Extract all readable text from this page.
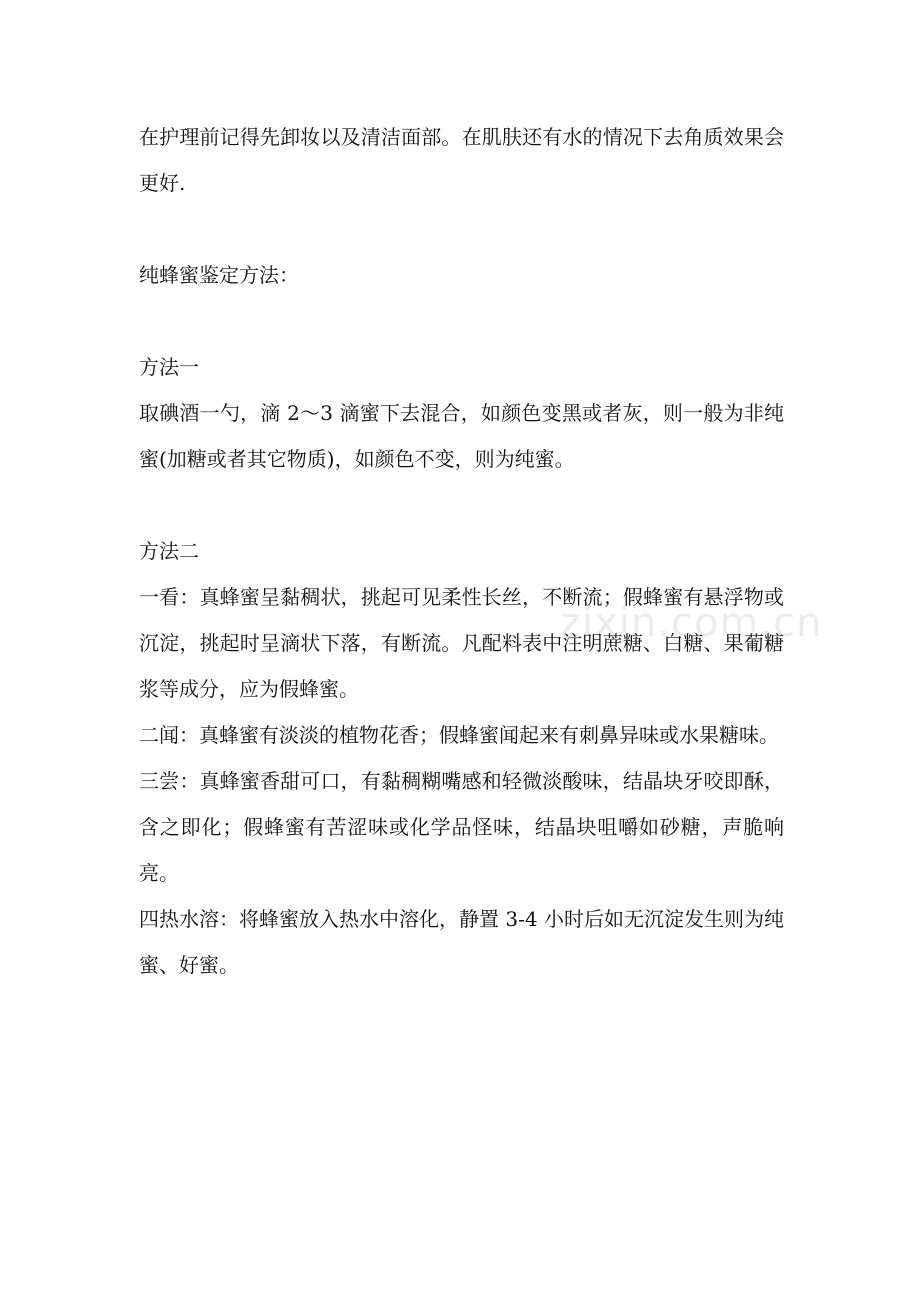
zixin.com.cn

在护理前记得先卸妆以及清洁面部。在肌肤还有水的情况下去角质效果会更好.

纯蜂蜜鉴定方法：

方法一

取碘酒一勺，滴 2～3 滴蜜下去混合，如颜色变黑或者灰，则一般为非纯蜜(加糖或者其它物质)，如颜色不变，则为纯蜜。

方法二

一看：真蜂蜜呈黏稠状，挑起可见柔性长丝，不断流；假蜂蜜有悬浮物或沉淀，挑起时呈滴状下落，有断流。凡配料表中注明蔗糖、白糖、果葡糖浆等成分，应为假蜂蜜。

二闻：真蜂蜜有淡淡的植物花香；假蜂蜜闻起来有刺鼻异味或水果糖味。

三尝：真蜂蜜香甜可口，有黏稠糊嘴感和轻微淡酸味，结晶块牙咬即酥，含之即化；假蜂蜜有苦涩味或化学品怪味，结晶块咀嚼如砂糖，声脆响亮。

四热水溶：将蜂蜜放入热水中溶化，静置 3-4 小时后如无沉淀发生则为纯蜜、好蜜。
